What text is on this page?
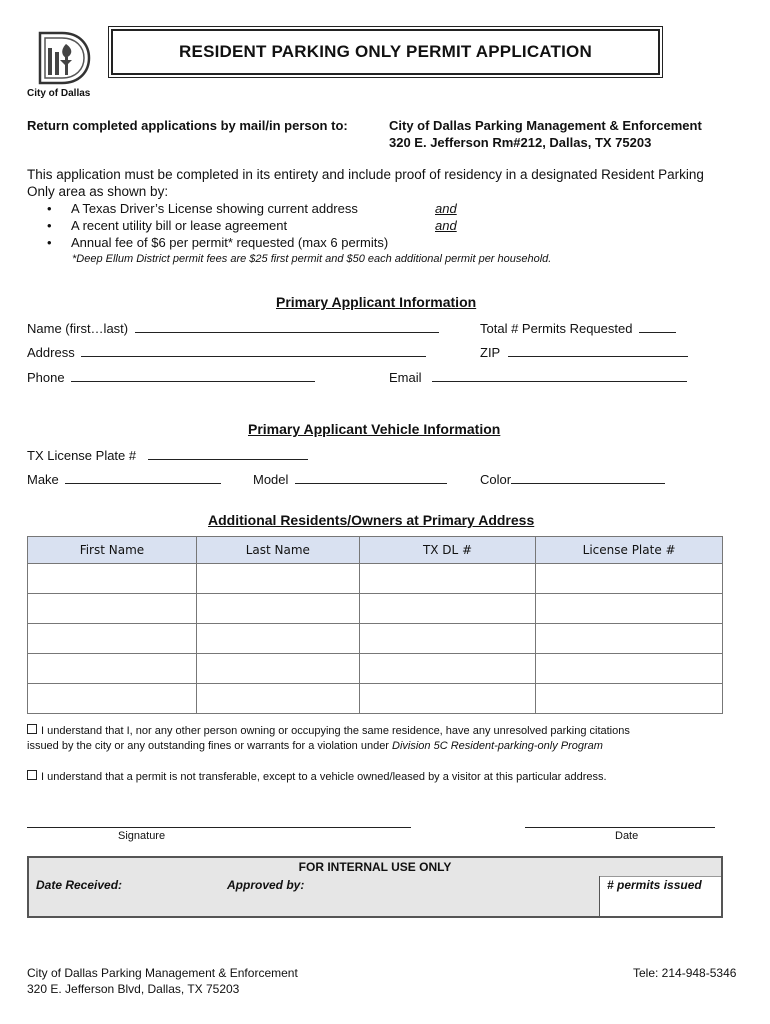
City of Dallas
RESIDENT PARKING ONLY PERMIT APPLICATION
Return completed applications by mail/in person to:	City of Dallas Parking Management & Enforcement
320 E. Jefferson Rm#212, Dallas, TX 75203
This application must be completed in its entirety and include proof of residency in a designated Resident Parking
Only area as shown by:
• A Texas Driver’s License showing current address	and
• A recent utility bill or lease agreement	and
• Annual fee of $6 per permit* requested (max 6 permits)
*Deep Ellum District permit fees are $25 first permit and $50 each additional permit per household.
Primary Applicant Information
Name (first…last)	Total # Permits Requested
Address	ZIP
Phone	Email
Primary Applicant Vehicle Information
TX License Plate #
Make	Model	Color
Additional Residents/Owners at Primary Address
First Name	Last Name	TX DL #	License Plate #

I understand that I, nor any other person owning or occupying the same residence, have any unresolved parking citations
issued by the city or any outstanding fines or warrants for a violation under Division 5C Resident-parking-only Program
I understand that a permit is not transferable, except to a vehicle owned/leased by a visitor at this particular address.
Signature	Date
FOR INTERNAL USE ONLY
Date Received:	Approved by:	# permits issued
City of Dallas Parking Management & Enforcement
320 E. Jefferson Blvd, Dallas, TX 75203
Tele: 214-948-5346
